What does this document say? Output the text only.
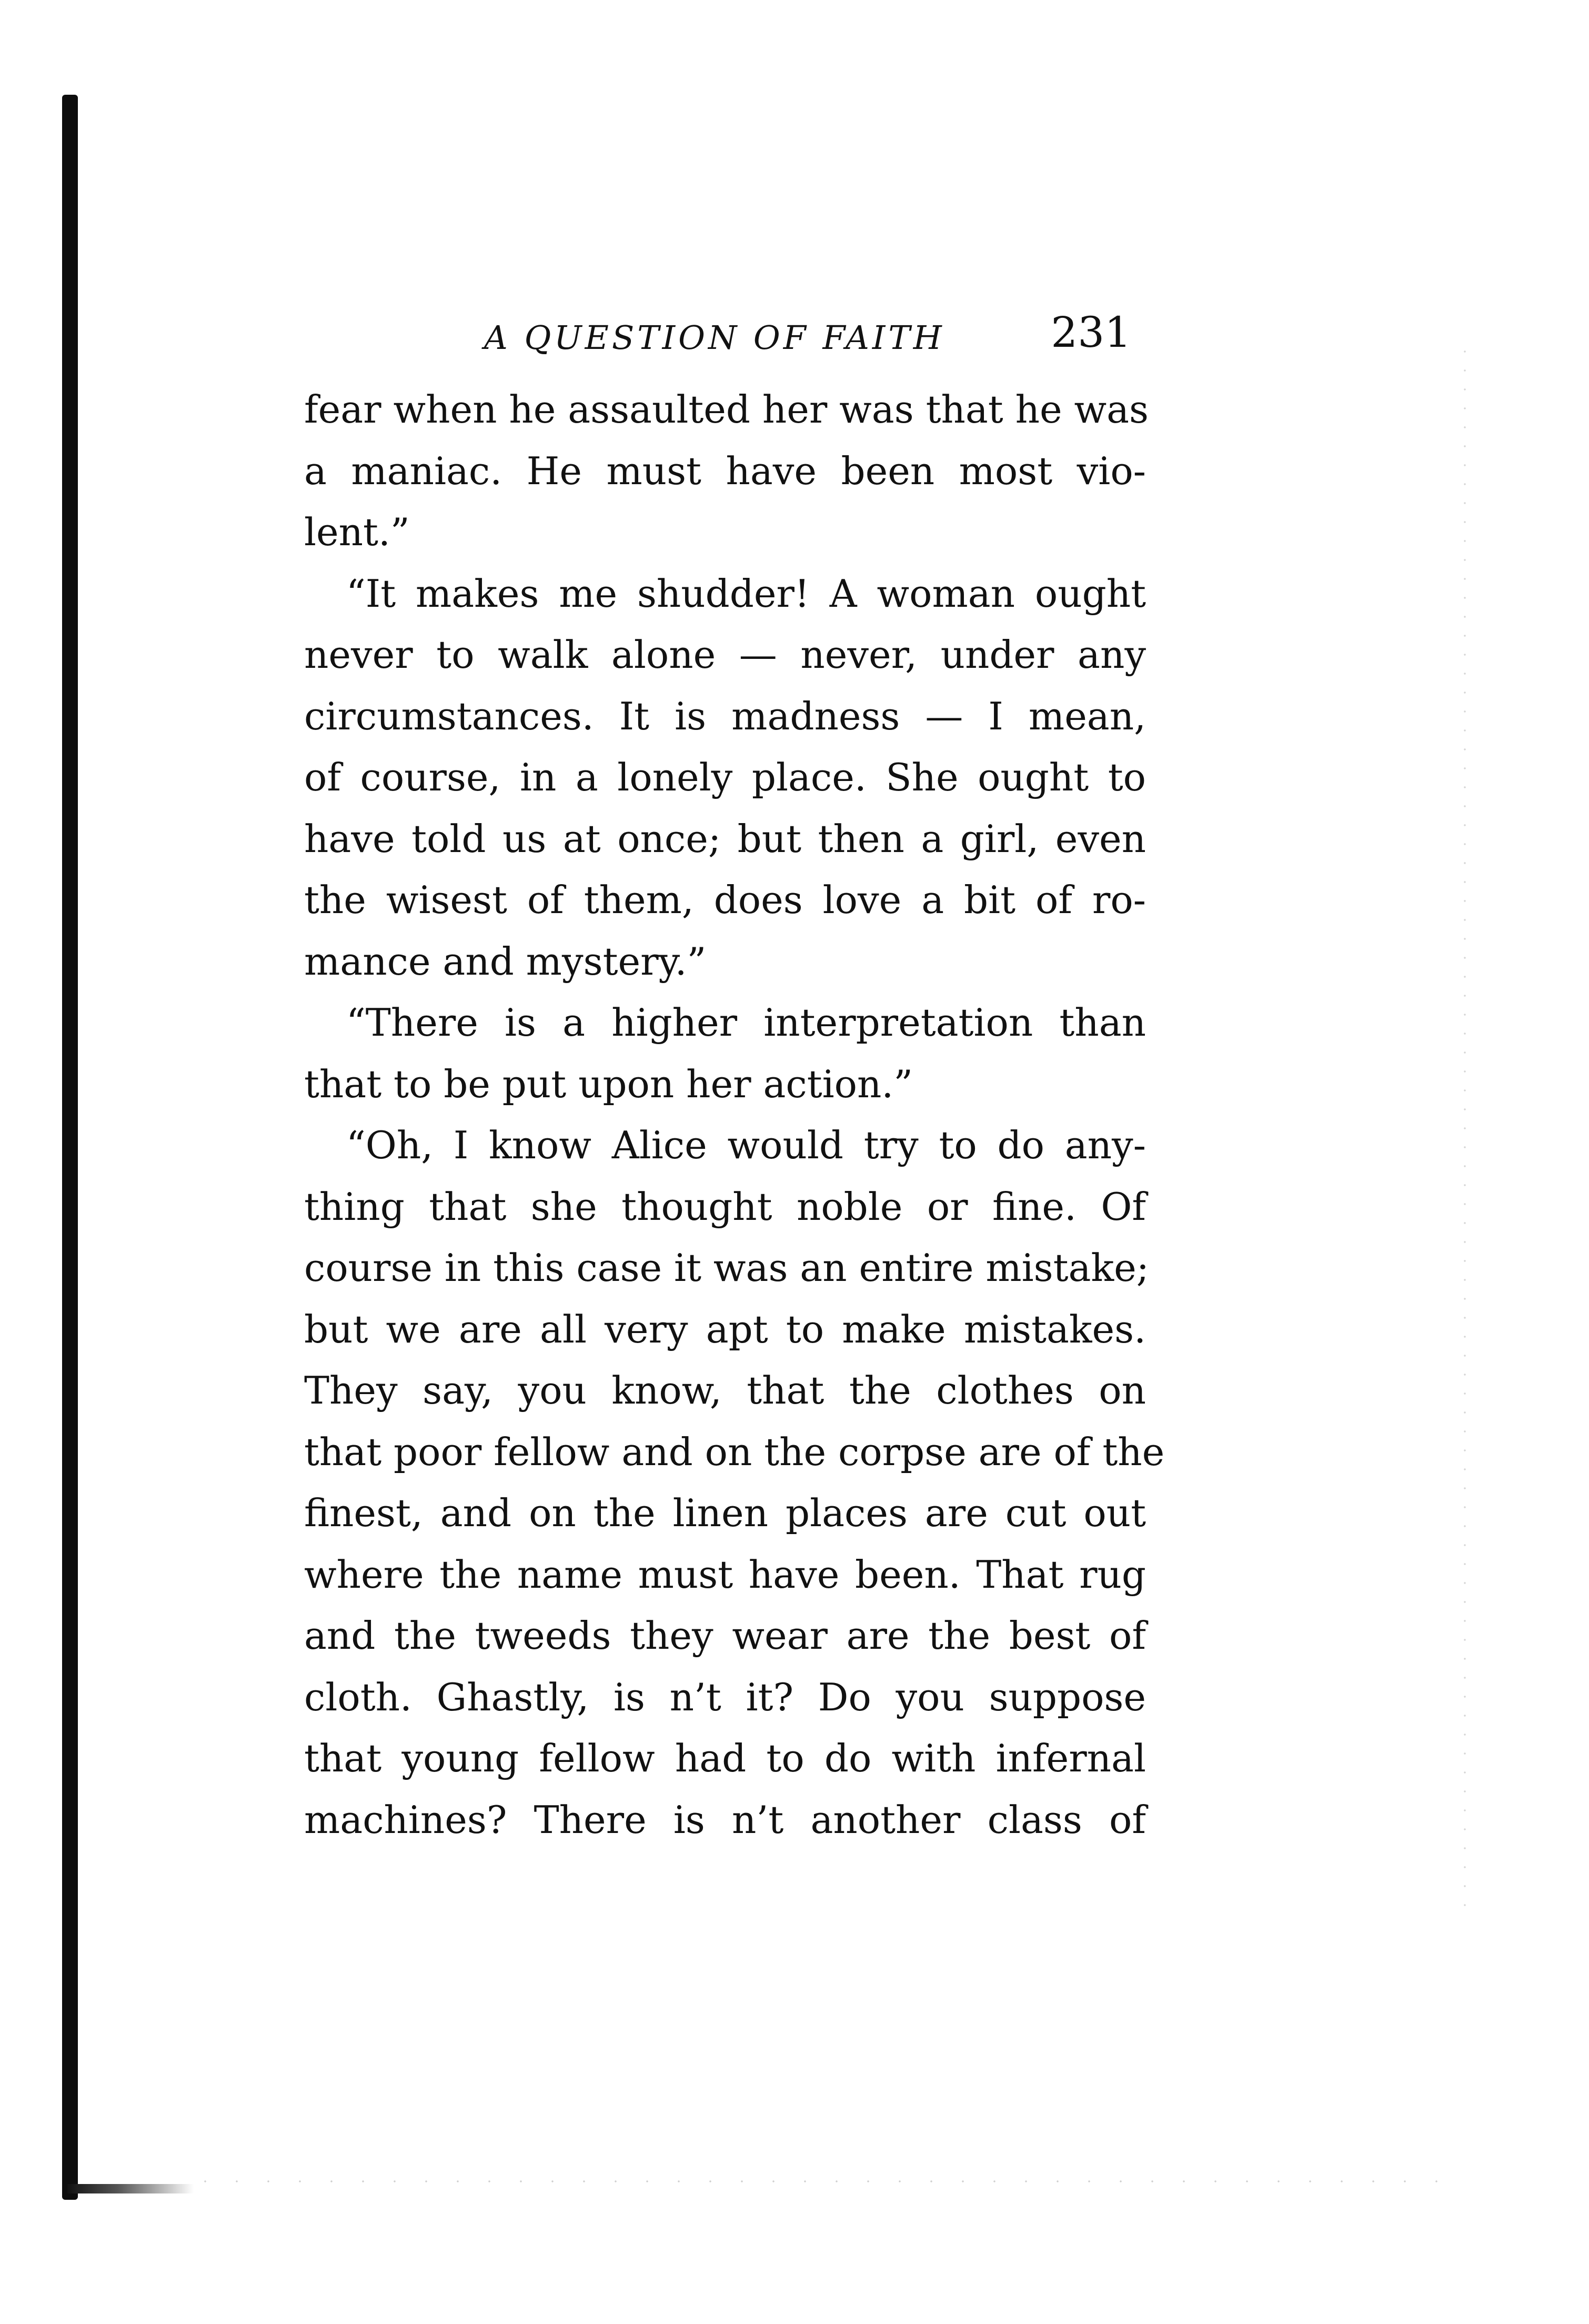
A QUESTION OF FAITH	231
fear when he assaulted her was that he was
a maniac. He must have been most vio-
lent.”
“It makes me shudder! A woman ought
never to walk alone — never, under any
circumstances. It is madness — I mean,
of course, in a lonely place. She ought to
have told us at once; but then a girl, even
the wisest of them, does love a bit of ro-
mance and mystery.”
“There is a higher interpretation than
that to be put upon her action.”
“Oh, I know Alice would try to do any-
thing that she thought noble or fine. Of
course in this case it was an entire mistake;
but we are all very apt to make mistakes.
They say, you know, that the clothes on
that poor fellow and on the corpse are of the
finest, and on the linen places are cut out
where the name must have been. That rug
and the tweeds they wear are the best of
cloth. Ghastly, is n’t it? Do you suppose
that young fellow had to do with infernal
machines? There is n’t another class of
